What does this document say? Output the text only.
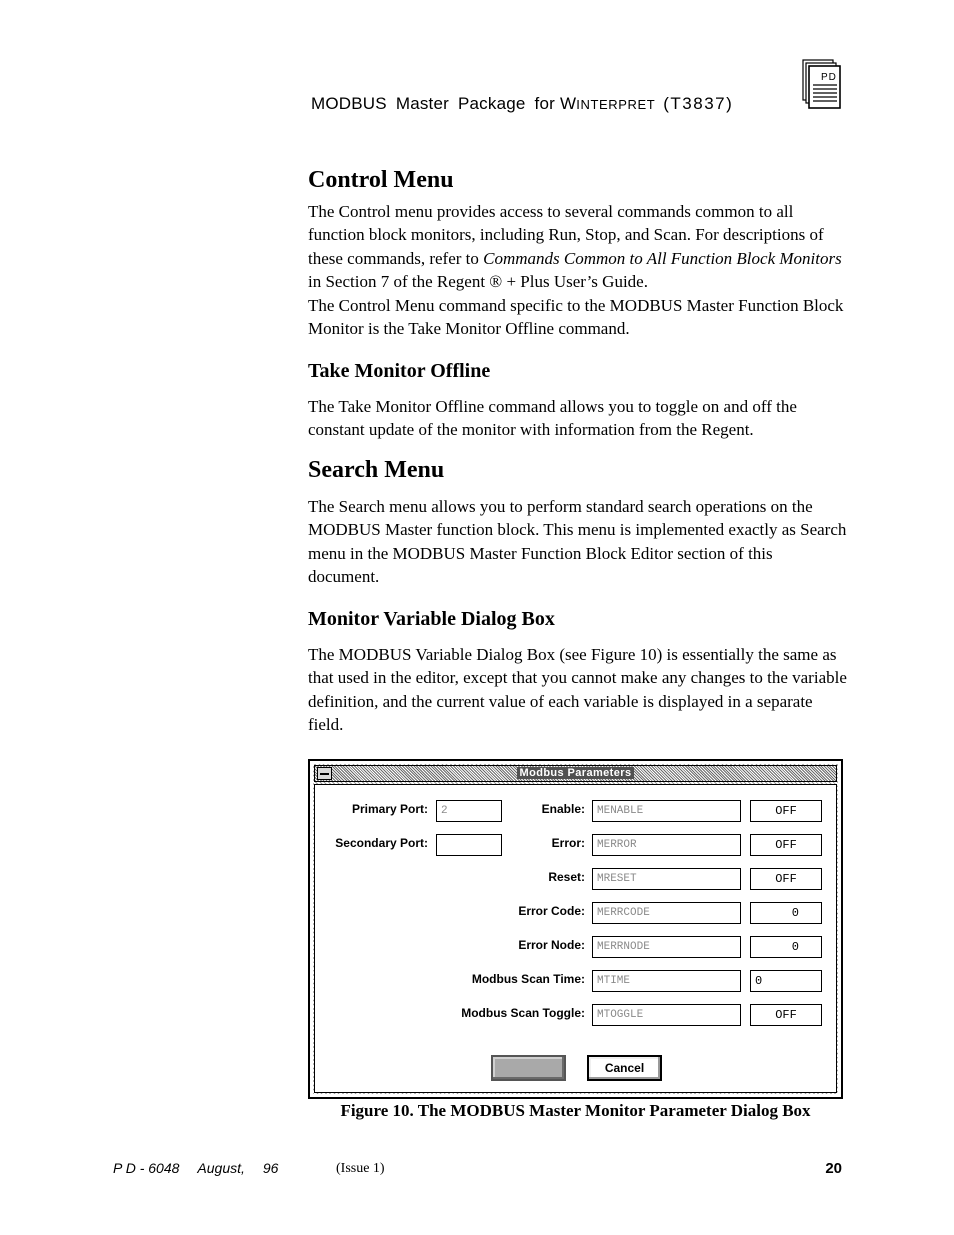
MODBUS Master Package for WINTERPRET (T3837)
PD
Control Menu

The Control menu provides access to several commands common to all function block monitors, including Run, Stop, and Scan. For descriptions of these commands, refer to Commands Common to All Function Block Monitors in Section 7 of the Regent ® + Plus User’s Guide.

The Control Menu command specific to the MODBUS Master Function Block Monitor is the Take Monitor Offline command.

Take Monitor Offline

The Take Monitor Offline command allows you to toggle on and off the constant update of the monitor with information from the Regent.

Search Menu

The Search menu allows you to perform standard search operations on the MODBUS Master function block. This menu is implemented exactly as Search menu in the MODBUS Master Function Block Editor section of this document.

Monitor Variable Dialog Box

The MODBUS Variable Dialog Box (see Figure 10) is essentially the same as that used in the editor, except that you cannot make any changes to the variable definition, and the current value of each variable is displayed in a separate field.

Modbus Parameters
Primary Port:	2
Secondary Port:
Enable:	MENABLE	OFF
Error:	MERROR	OFF
Reset:	MRESET	OFF
Error Code:	MERRCODE	0
Error Node:	MERRNODE	0
Modbus Scan Time:	MTIME	0
Modbus Scan Toggle:	MTOGGLE	OFF
Cancel
Figure 10. The MODBUS Master Monitor Parameter Dialog Box
P D - 6048 August, 96	(Issue 1)	20
